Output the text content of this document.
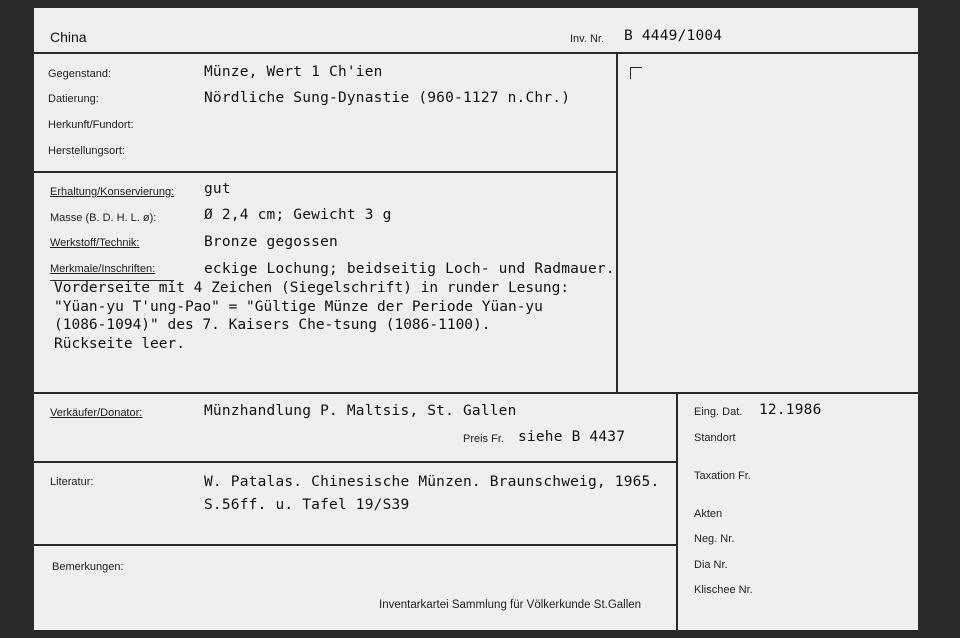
China	Inv. Nr. B 4449/1004
Gegenstand:	Münze, Wert 1 Ch'ien
Datierung:	Nördliche Sung-Dynastie (960-1127 n.Chr.)
Herkunft/Fundort:
Herstellungsort:
Erhaltung/Konservierung: gut
Masse (B. D. H. L. ø):	Ø 2,4 cm; Gewicht 3 g
Werkstoff/Technik:	Bronze gegossen
Merkmale/Inschriften:	eckige Lochung; beidseitig Loch- und Radmauer.
Vorderseite mit 4 Zeichen (Siegelschrift) in runder Lesung:
"Yüan-yu T'ung-Pao" = "Gültige Münze der Periode Yüan-yu
(1086-1094)" des 7. Kaisers Che-tsung (1086-1100).
Rückseite leer.
Verkäufer/Donator:	Münzhandlung P. Maltsis, St. Gallen
Preis Fr. siehe B 4437
Literatur:	W. Patalas. Chinesische Münzen. Braunschweig, 1965.
S.56ff. u. Tafel 19/S39
Bemerkungen:
Inventarkartei Sammlung für Völkerkunde St.Gallen
Eing. Dat. 12.1986
Standort
Taxation Fr.
Akten
Neg. Nr.
Dia Nr.
Klischee Nr.
